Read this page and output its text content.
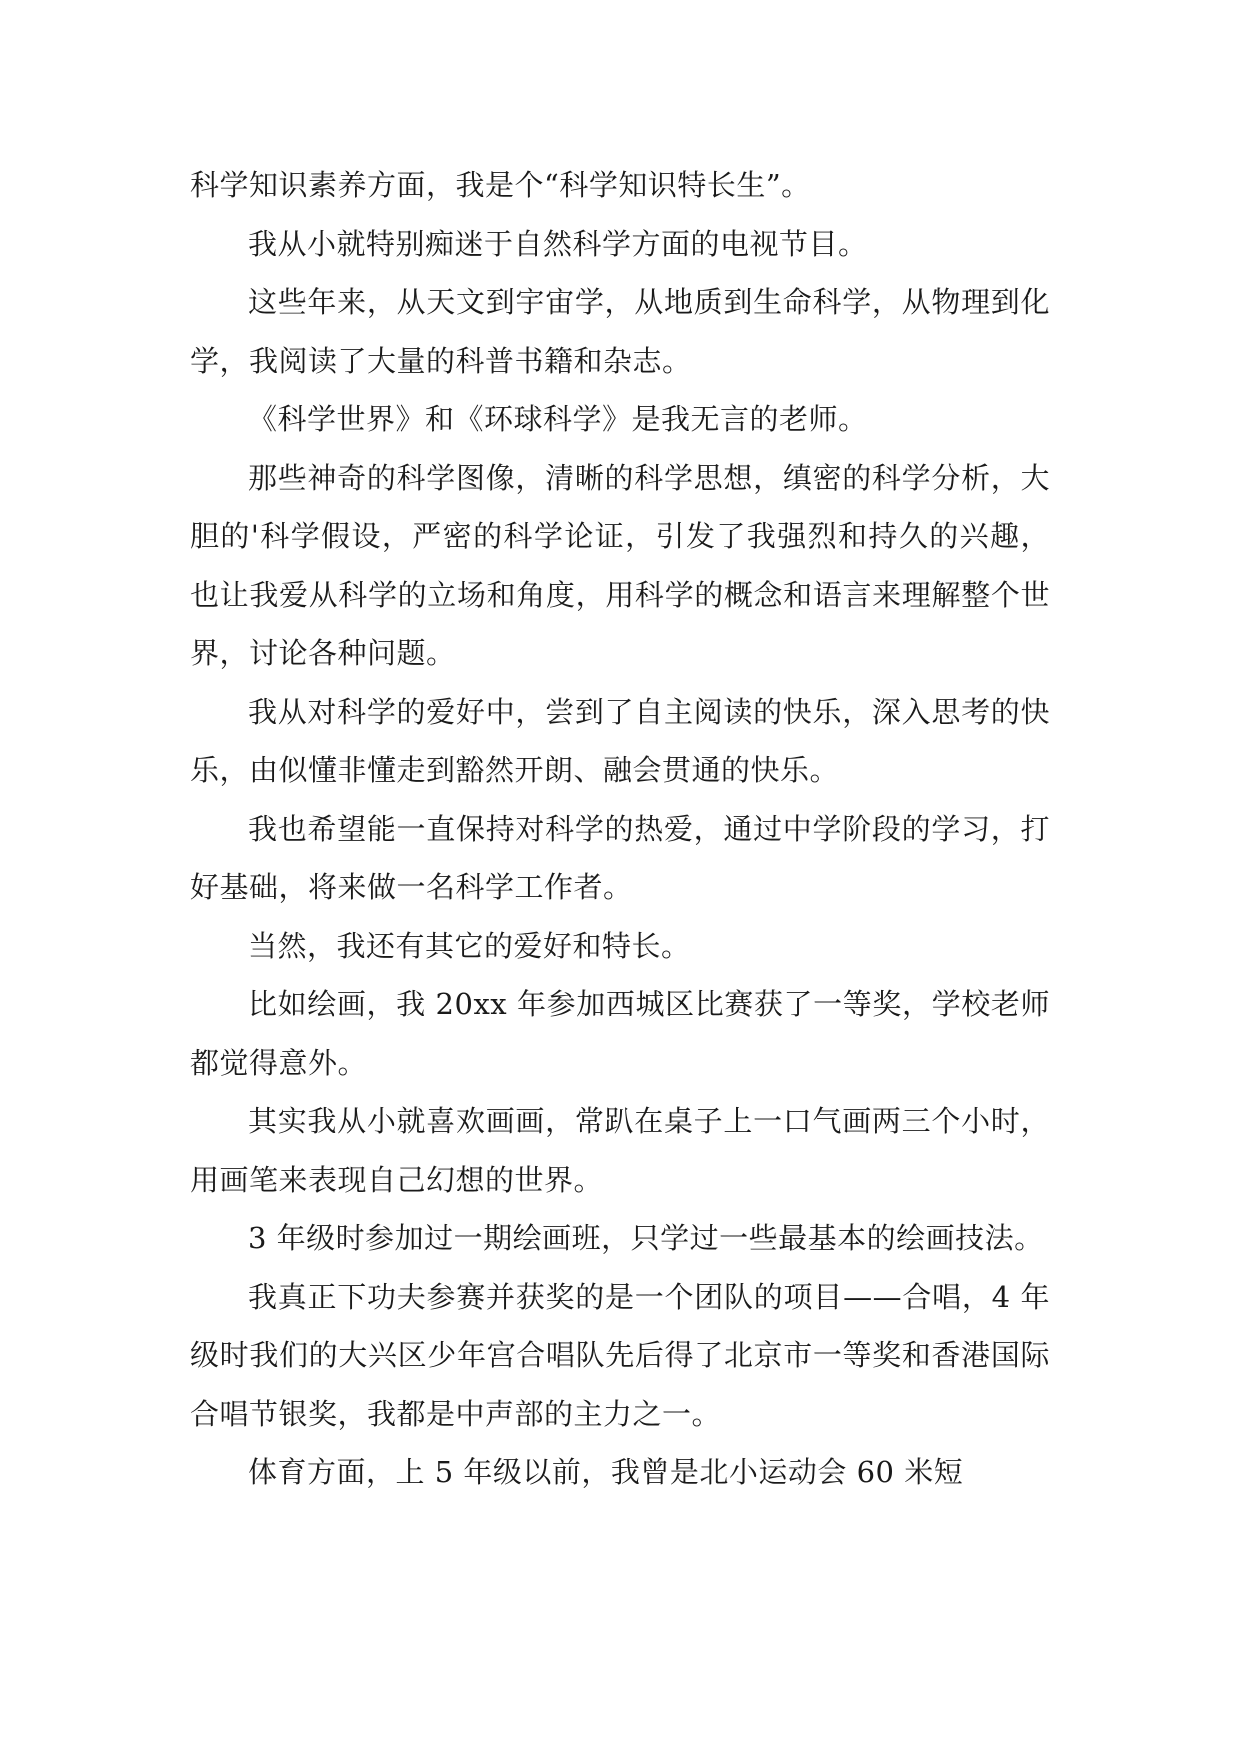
科学知识素养方面，我是个“科学知识特长生”。

我从小就特别痴迷于自然科学方面的电视节目。

这些年来，从天文到宇宙学，从地质到生命科学，从物理到化学，我阅读了大量的科普书籍和杂志。

《科学世界》和《环球科学》是我无言的老师。

那些神奇的科学图像，清晰的科学思想，缜密的科学分析，大胆的'科学假设，严密的科学论证，引发了我强烈和持久的兴趣，也让我爱从科学的立场和角度，用科学的概念和语言来理解整个世界，讨论各种问题。

我从对科学的爱好中，尝到了自主阅读的快乐，深入思考的快乐，由似懂非懂走到豁然开朗、融会贯通的快乐。

我也希望能一直保持对科学的热爱，通过中学阶段的学习，打好基础，将来做一名科学工作者。

当然，我还有其它的爱好和特长。

比如绘画，我 20xx 年参加西城区比赛获了一等奖，学校老师都觉得意外。

其实我从小就喜欢画画，常趴在桌子上一口气画两三个小时，用画笔来表现自己幻想的世界。

3 年级时参加过一期绘画班，只学过一些最基本的绘画技法。

我真正下功夫参赛并获奖的是一个团队的项目——合唱，4 年级时我们的大兴区少年宫合唱队先后得了北京市一等奖和香港国际合唱节银奖，我都是中声部的主力之一。

体育方面，上 5 年级以前，我曾是北小运动会 60 米短
